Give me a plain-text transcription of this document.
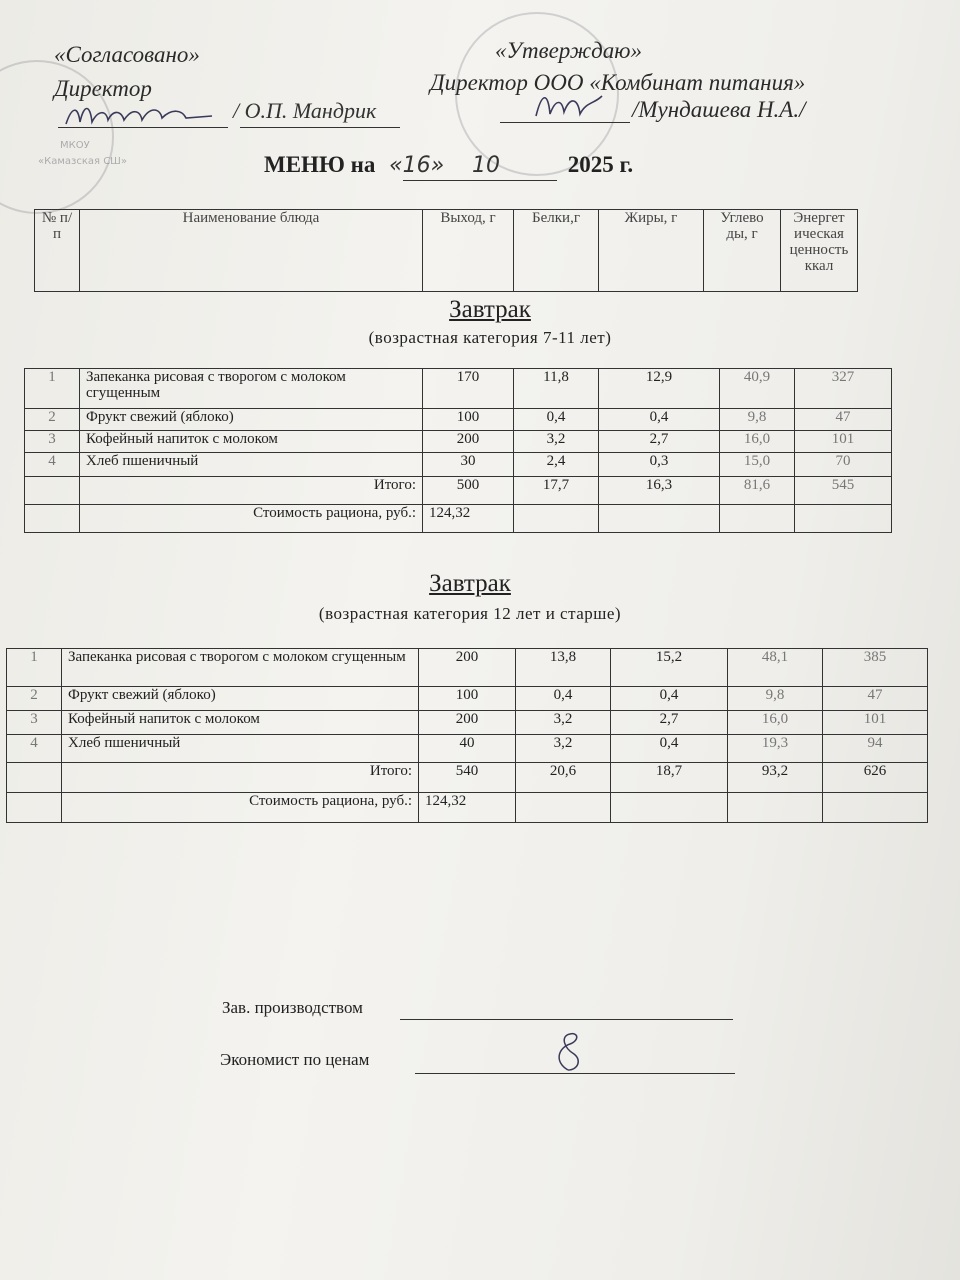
МКОУ
«Камазская СШ»
«Согласовано»
Директор
/ О.П. Мандрик
«Утверждаю»
Директор ООО «Комбинат питания»
/Мундашева Н.А./
МЕНЮ на «16» 10	2025 г.
№ п/п	Наименование блюда	Выход, г	Белки,г	Жиры, г	Углево ды, г	Энергет ическая ценность ккал
Завтрак
(возрастная категория 7-11 лет)
1	Запеканка рисовая с творогом с молоком сгущенным	170	11,8	12,9	40,9	327
2	Фрукт свежий (яблоко)	100	0,4	0,4	9,8	47
3	Кофейный напиток с молоком	200	3,2	2,7	16,0	101
4	Хлеб пшеничный	30	2,4	0,3	15,0	70
	Итого:	500	17,7	16,3	81,6	545
	Стоимость рациона, руб.:	124,32				
Завтрак
(возрастная категория 12 лет и старше)
1	Запеканка рисовая с творогом с молоком сгущенным	200	13,8	15,2	48,1	385
2	Фрукт свежий (яблоко)	100	0,4	0,4	9,8	47
3	Кофейный напиток с молоком	200	3,2	2,7	16,0	101
4	Хлеб пшеничный	40	3,2	0,4	19,3	94
	Итого:	540	20,6	18,7	93,2	626
	Стоимость рациона, руб.:	124,32				
Зав. производством
Экономист по ценам
